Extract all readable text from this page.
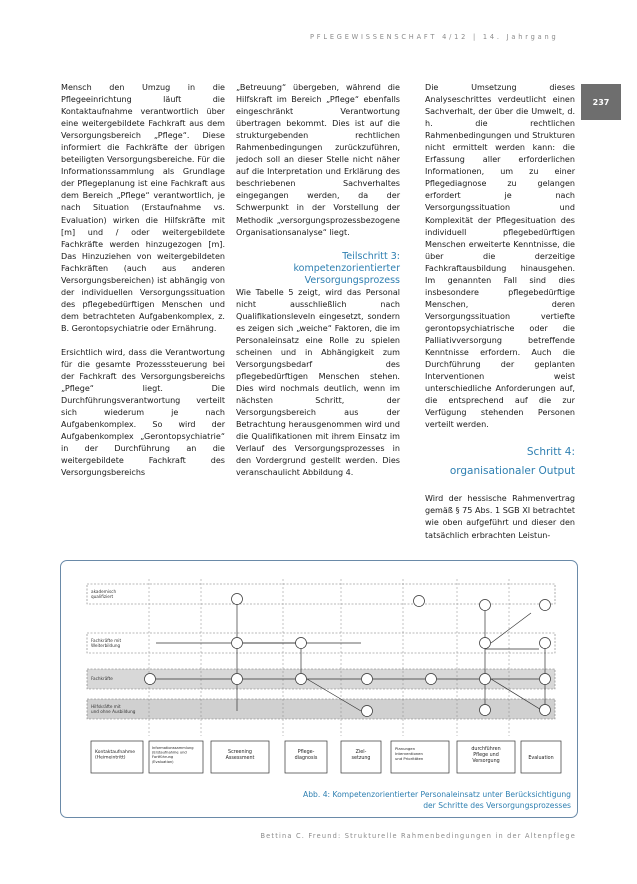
PFLEGEWISSENSCHAFT 4/12 | 14. Jahrgang
237

Mensch den Umzug in die Pflegeeinrichtung läuft die Kontaktaufnahme verantwortlich über eine weitergebildete Fachkraft aus dem Versorgungsbereich „Pflege“. Diese informiert die Fachkräfte der übrigen beteiligten Versorgungsbereiche. Für die Informationssammlung als Grundlage der Pflegeplanung ist eine Fachkraft aus dem Bereich „Pflege“ verantwortlich, je nach Situation (Erstaufnahme vs. Evaluation) wirken die Hilfskräfte mit [m] und / oder weitergebildete Fachkräfte werden hinzugezogen [m]. Das Hinzuziehen von weitergebildeten Fachkräften (auch aus anderen Versorgungsbereichen) ist abhängig von der individuellen Versorgungssituation des pflegebedürftigen Menschen und dem betrachteten Aufgabenkomplex, z. B. Gerontopsychiatrie oder Ernährung.

Ersichtlich wird, dass die Verantwortung für die gesamte Prozesssteuerung bei der Fachkraft des Versorgungsbereichs „Pflege“ liegt. Die Durchführungsverantwortung verteilt sich wiederum je nach Aufgabenkomplex. So wird der Aufgabenkomplex „Gerontopsychiatrie“ in der Durchführung an die weitergebildete Fachkraft des Versorgungsbereichs

„Betreuung“ übergeben, während die Hilfskraft im Bereich „Pflege“ ebenfalls eingeschränkt Verantwortung übertragen bekommt. Dies ist auf die strukturgebenden rechtlichen Rahmenbedingungen zurückzuführen, jedoch soll an dieser Stelle nicht näher auf die Interpretation und Erklärung des beschriebenen Sachverhaltes eingegangen werden, da der Schwerpunkt in der Vorstellung der Methodik „versorgungsprozessbezogene Organisationsanalyse“ liegt.

Teilschritt 3:

kompetenzorientierter

Versorgungsprozess

Wie Tabelle 5 zeigt, wird das Personal nicht ausschließlich nach Qualifikationsleveln eingesetzt, sondern es zeigen sich „weiche“ Faktoren, die im Personaleinsatz eine Rolle zu spielen scheinen und in Abhängigkeit zum Versorgungsbedarf des pflegebedürftigen Menschen stehen. Dies wird nochmals deutlich, wenn im nächsten Schritt, der Versorgungsbereich aus der Betrachtung herausgenommen wird und die Qualifikationen mit ihrem Einsatz im Verlauf des Versorgungsprozesses in den Vordergrund gestellt werden. Dies veranschaulicht Abbildung 4.

Die Umsetzung dieses Analyseschrittes verdeutlicht einen Sachverhalt, der über die Umwelt, d. h. die rechtlichen Rahmenbedingungen und Strukturen nicht ermittelt werden kann: die Erfassung aller erforderlichen Informationen, um zu einer Pflegediagnose zu gelangen erfordert je nach Versorgungssituation und Komplexität der Pflegesituation des individuell pflegebedürftigen Menschen erweiterte Kenntnisse, die über die derzeitige Fachkraftausbildung hinausgehen. Im genannten Fall sind dies insbesondere pflegebedürftige Menschen, deren Versorgungssituation vertiefte gerontopsychiatrische oder die Palliativversorgung betreffende Kenntnisse erfordern. Auch die Durchführung der geplanten Interventionen weist unterschiedliche Anforderungen auf, die entsprechend auf die zur Verfügung stehenden Personen verteilt werden.

Schritt 4:

organisationaler Output

Wird der hessische Rahmenvertrag gemäß § 75 Abs. 1 SGB XI betrachtet wie oben aufgeführt und dieser den tatsächlich erbrachten Leistun-

akademisch qualifiziert
Fachkräfte mit Weiterbildung
Fachkräfte
Hilfskräfte mit und ohne Ausbildung
Kontaktaufnahme (Heimeintritt)
Informationssammlung (Erstaufnahme und Fortführung /Evaluation)
Screening Assessment
Pflege-diagnosis
Ziel-setzung
Planungen Interventionen und Prioritäten
durchführen Pflege und Versorgung
Evaluation
Abb. 4: Kompetenzorientierter Personaleinsatz unter Berücksichtigung
der Schritte des Versorgungsprozesses
Bettina C. Freund: Strukturelle Rahmenbedingungen in der Altenpflege
